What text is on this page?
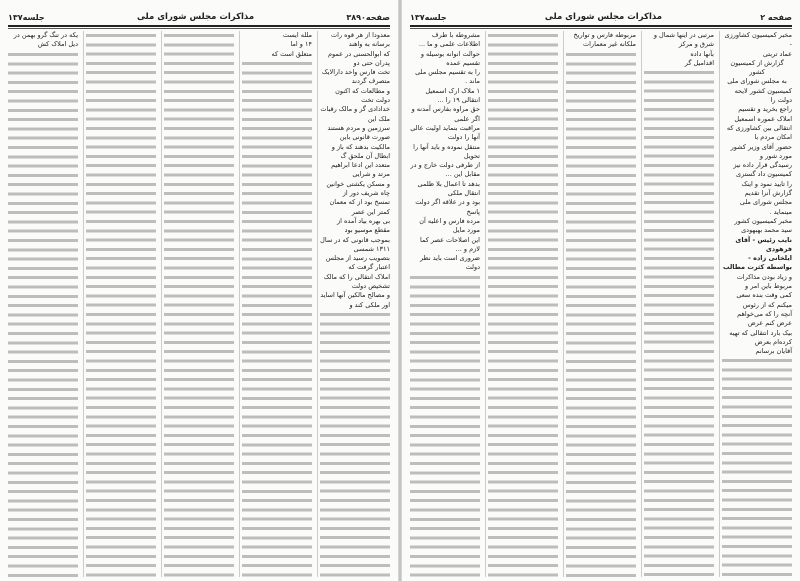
صفحه۳۸۹۰
مذاکرات مجلس شورای ملی
جلسه۱۳۷
معدودا از هر قوه رات برسانه به واهند
که ابوالحسنی در عموم پدران حتی دو
تخت فارس واحد دارالایک متصرف گردند
و مطالعات که اکنون دولت تخت
خدادادی گر و مالک رقبات ملک این
سرزمین و مردم هستند صورت قانونی باین
مالکیت بدهند که باز و ابطال آن ملحق گ
متعدد این ادعا ابراهیم مرتد و شرایی
و مسکن یکشتی خوانین چاه شریف دور از
تمسخ بود از که معمان کمتر این عصر
بی بهره بیاد آمده از مقطع موسیو بود
بموجب قانونی که در سال ۱۳۱۱ شمسی
بتصویب رسید از مجلس اعتبار گرفت که
املاک انتقالی را که مالک تشخیص دولت
و مصالح مالکین آنها اساید اور ملکی کند و
ملله ایست
۱۴ و اما
متعلق است که
یکه در تنگ گرو بهمن در دیل املاک کش
صفحه ۲
مذاکرات مجلس شورای ملی
جلسه۱۳۷
مخبر کمیسیون کشاورزی -
عماد تربتی
گزارش از کمیسیون کشور
به مجلس شورای ملی
کمیسیون کشور لایحه دولت را
راجع بخرید و تقسیم املاک عموره اسمعیل
انتقالی بین کشاورزی که امکان مردم با
حضور آقای وزیر کشور مورد شور و
رسیدگی قرار داده نیز کمیسیون داد گستری
را تایید نمود و اینک گزارش آنرا تقدیم
مجلس شورای ملی مینماید .
مخبر کمیسیون کشور سید محمد بهبهودی
نایب رئیس - آقای فرهودی
ایلخانی زاده - بواسطه کثرت مطالب
و زیاد بودن مذاکرات مربوط باین امر و
کمی وقت بنده سعی میکنم که از رئوس
آنچه را که می‌خواهم عرض کنم عرض
بیک بارد انتقالی که تهیه کرده‌ام بعرض
آقایان برسانم
مرتبی در اینها شمال و شرق و مرکز
بآنها داده
اقدامیل گر
مربوطه فارس و تواریخ ملکانه غیر معمارات
مشروطه با طرف اطلاعات علمی و ما ...
حوالت انوانه بوسیله و تقسیم عمده
را به تقسیم مجلس ملی ماند .
۱ ملاک ارک اسمعیل انتقالی ۱۹ را ...
حق مراوه بفارس آمدنه و اگر علمی
مراقبت بنماید اولیت عالی آنها را دولت
منتقل نموده و باید آنها را تحویل
از طرفی دولت خارج و در مقابل این ...
بدهد تا اعمال بلا ظلمی انتقال ملکی
بود و در علاقه اگر دولت پاسخ
مرده فارس و اعلیه آن مورد مایل
این اصلاحات عصر کما لازم و ...
ضروری است باید نظر دولت
